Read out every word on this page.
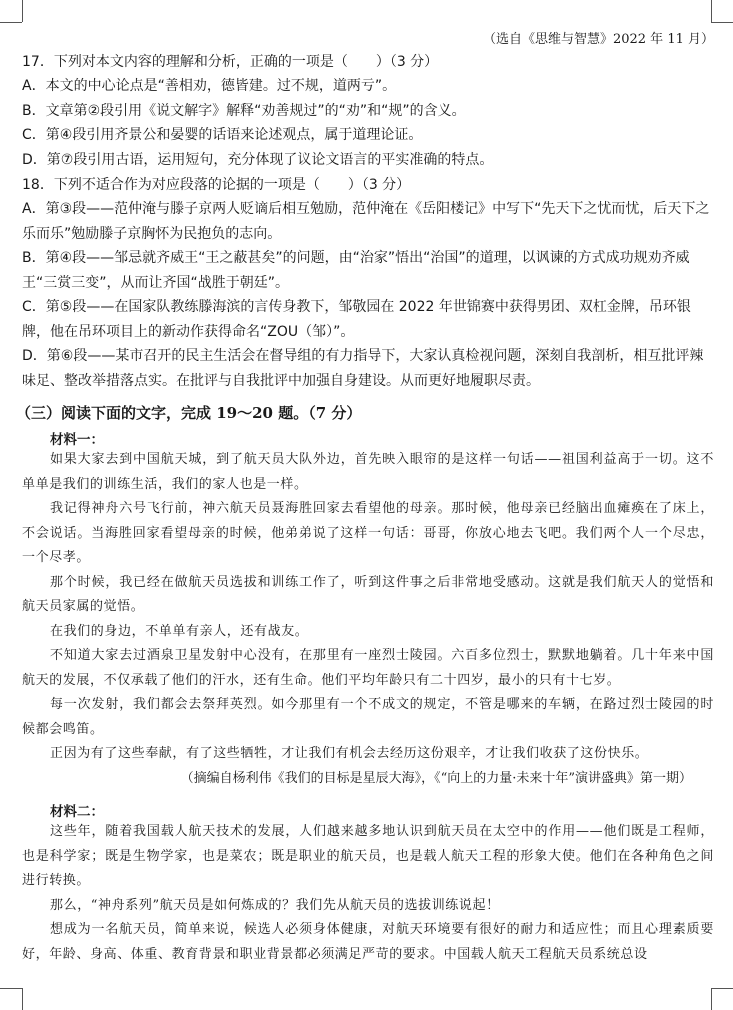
（选自《思维与智慧》2022 年 11 月）
17．下列对本文内容的理解和分析，正确的一项是（　　）（3 分）
A．本文的中心论点是“善相劝，德皆建。过不规，道两亏”。
B．文章第②段引用《说文解字》解释“劝善规过”的“劝”和“规”的含义。
C．第④段引用齐景公和晏婴的话语来论述观点，属于道理论证。
D．第⑦段引用古语，运用短句，充分体现了议论文语言的平实准确的特点。
18．下列不适合作为对应段落的论据的一项是（　　）（3 分）
A．第③段——范仲淹与滕子京两人贬谪后相互勉励，范仲淹在《岳阳楼记》中写下“先天下之忧而忧，后天下之乐而乐”勉励滕子京胸怀为民抱负的志向。
B．第④段——邹忌就齐威王“王之蔽甚矣”的问题，由“治家”悟出“治国”的道理，以讽谏的方式成功规劝齐威王“三赏三变”，从而让齐国“战胜于朝廷”。
C．第⑤段——在国家队教练滕海滨的言传身教下，邹敬园在 2022 年世锦赛中获得男团、双杠金牌，吊环银牌，他在吊环项目上的新动作获得命名“ZOU（邹）”。
D．第⑥段——某市召开的民主生活会在督导组的有力指导下，大家认真检视问题，深刻自我剖析，相互批评辣味足、整改举措落点实。在批评与自我批评中加强自身建设。从而更好地履职尽责。
（三）阅读下面的文字，完成 19～20 题。（7 分）
材料一：
如果大家去到中国航天城，到了航天员大队外边，首先映入眼帘的是这样一句话——祖国利益高于一切。这不单单是我们的训练生活，我们的家人也是一样。
我记得神舟六号飞行前，神六航天员聂海胜回家去看望他的母亲。那时候，他母亲已经脑出血瘫痪在了床上，不会说话。当海胜回家看望母亲的时候，他弟弟说了这样一句话：哥哥，你放心地去飞吧。我们两个人一个尽忠，一个尽孝。
那个时候，我已经在做航天员选拔和训练工作了，听到这件事之后非常地受感动。这就是我们航天人的觉悟和航天员家属的觉悟。
在我们的身边，不单单有亲人，还有战友。
不知道大家去过酒泉卫星发射中心没有，在那里有一座烈士陵园。六百多位烈士，默默地躺着。几十年来中国航天的发展，不仅承载了他们的汗水，还有生命。他们平均年龄只有二十四岁，最小的只有十七岁。
每一次发射，我们都会去祭拜英烈。如今那里有一个不成文的规定，不管是哪来的车辆，在路过烈士陵园的时候都会鸣笛。
正因为有了这些奉献，有了这些牺牲，才让我们有机会去经历这份艰辛，才让我们收获了这份快乐。
（摘编自杨利伟《我们的目标是星辰大海》，《“向上的力量·未来十年”演讲盛典》第一期）
材料二：
这些年，随着我国载人航天技术的发展，人们越来越多地认识到航天员在太空中的作用——他们既是工程师，也是科学家；既是生物学家，也是菜农；既是职业的航天员，也是载人航天工程的形象大使。他们在各种角色之间进行转换。
那么，“神舟系列”航天员是如何炼成的？我们先从航天员的选拔训练说起！
想成为一名航天员，简单来说，候选人必须身体健康，对航天环境要有很好的耐力和适应性；而且心理素质要好，年龄、身高、体重、教育背景和职业背景都必须满足严苛的要求。中国载人航天工程航天员系统总设
